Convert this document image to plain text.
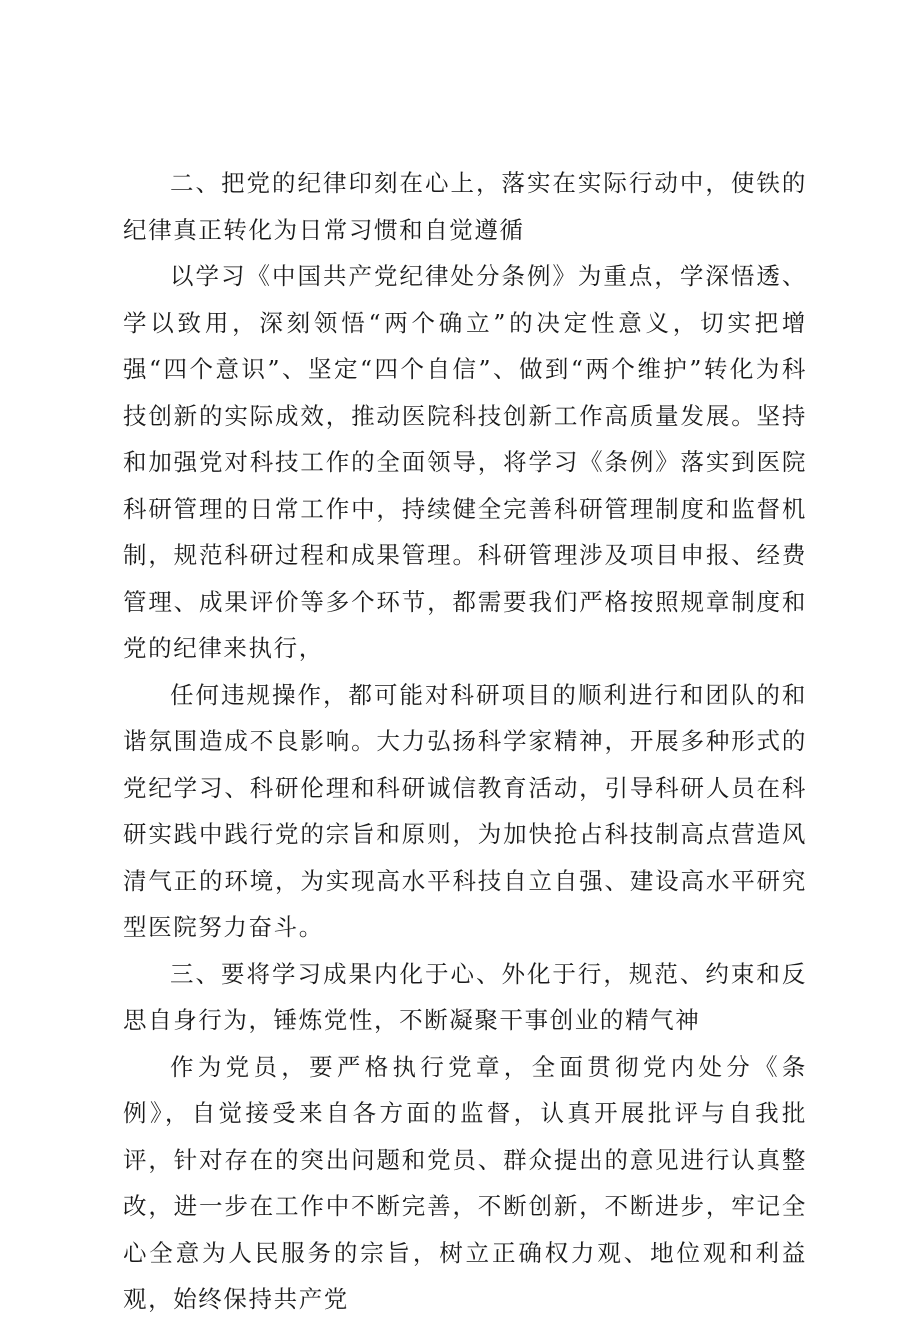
二、把党的纪律印刻在心上，落实在实际行动中，使铁的纪律真正转化为日常习惯和自觉遵循

以学习《中国共产党纪律处分条例》为重点，学深悟透、学以致用，深刻领悟“两个确立”的决定性意义，切实把增强“四个意识”、坚定“四个自信”、做到“两个维护”转化为科技创新的实际成效，推动医院科技创新工作高质量发展。坚持和加强党对科技工作的全面领导，将学习《条例》落实到医院科研管理的日常工作中，持续健全完善科研管理制度和监督机制，规范科研过程和成果管理。科研管理涉及项目申报、经费管理、成果评价等多个环节，都需要我们严格按照规章制度和党的纪律来执行，

任何违规操作，都可能对科研项目的顺利进行和团队的和谐氛围造成不良影响。大力弘扬科学家精神，开展多种形式的党纪学习、科研伦理和科研诚信教育活动，引导科研人员在科研实践中践行党的宗旨和原则，为加快抢占科技制高点营造风清气正的环境，为实现高水平科技自立自强、建设高水平研究型医院努力奋斗。

三、要将学习成果内化于心、外化于行，规范、约束和反思自身行为，锤炼党性，不断凝聚干事创业的精气神

作为党员，要严格执行党章，全面贯彻党内处分《条例》，自觉接受来自各方面的监督，认真开展批评与自我批评，针对存在的突出问题和党员、群众提出的意见进行认真整改，进一步在工作中不断完善，不断创新，不断进步，牢记全心全意为人民服务的宗旨，树立正确权力观、地位观和利益观，始终保持共产党
